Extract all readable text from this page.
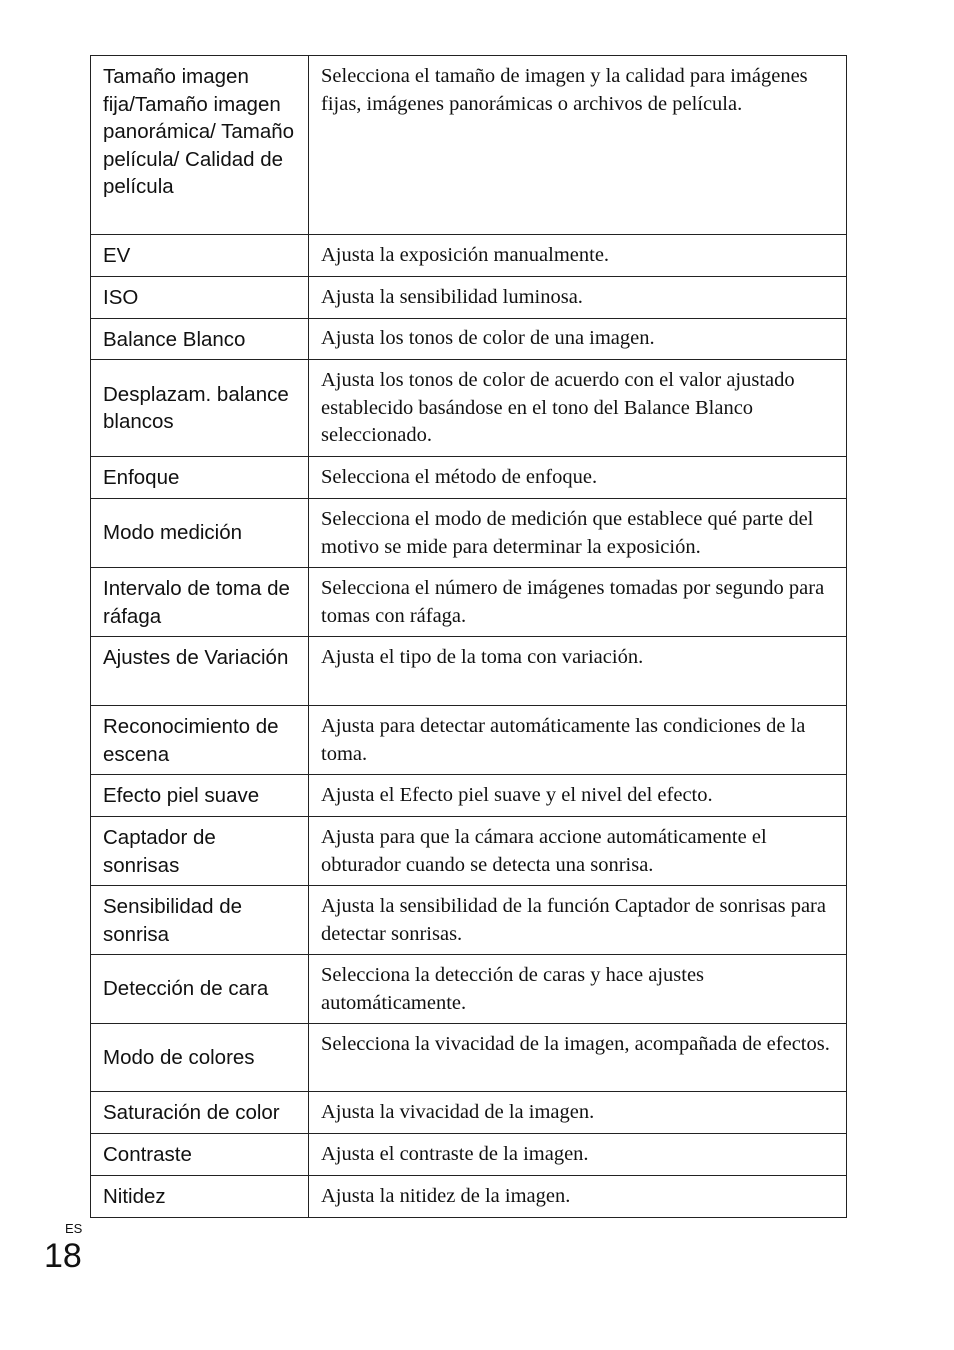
Tamaño imagen fija/Tamaño imagen panorámica/ Tamaño película/ Calidad de película	Selecciona el tamaño de imagen y la calidad para imágenes fijas, imágenes panorámicas o archivos de película.
EV	Ajusta la exposición manualmente.
ISO	Ajusta la sensibilidad luminosa.
Balance Blanco	Ajusta los tonos de color de una imagen.
Desplazam. balance blancos	Ajusta los tonos de color de acuerdo con el valor ajustado establecido basándose en el tono del Balance Blanco seleccionado.
Enfoque	Selecciona el método de enfoque.
Modo medición	Selecciona el modo de medición que establece qué parte del motivo se mide para determinar la exposición.
Intervalo de toma de ráfaga	Selecciona el número de imágenes tomadas por segundo para tomas con ráfaga.
Ajustes de Variación	Ajusta el tipo de la toma con variación.
Reconocimiento de escena	Ajusta para detectar automáticamente las condiciones de la toma.
Efecto piel suave	Ajusta el Efecto piel suave y el nivel del efecto.
Captador de sonrisas	Ajusta para que la cámara accione automáticamente el obturador cuando se detecta una sonrisa.
Sensibilidad de sonrisa	Ajusta la sensibilidad de la función Captador de sonrisas para detectar sonrisas.
Detección de cara	Selecciona la detección de caras y hace ajustes automáticamente.
Modo de colores	Selecciona la vivacidad de la imagen, acompañada de efectos.
Saturación de color	Ajusta la vivacidad de la imagen.
Contraste	Ajusta el contraste de la imagen.
Nitidez	Ajusta la nitidez de la imagen.
ES
18
